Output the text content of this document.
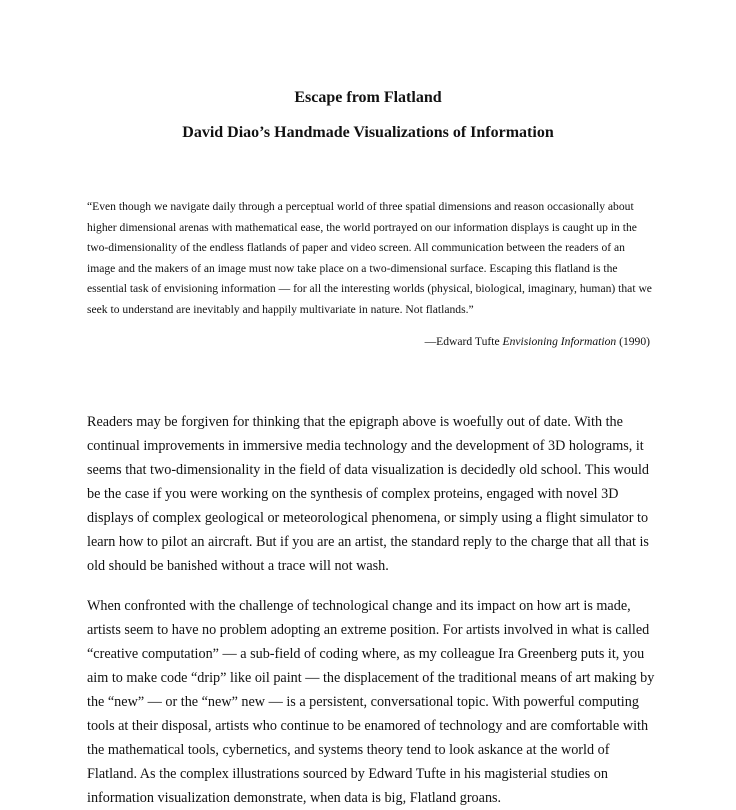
Escape from Flatland
David Diao’s Handmade Visualizations of Information
“Even though we navigate daily through a perceptual world of three spatial dimensions and reason occasionally about higher dimensional arenas with mathematical ease, the world portrayed on our information displays is caught up in the two-dimensionality of the endless flatlands of paper and video screen. All communication between the readers of an image and the makers of an image must now take place on a two-dimensional surface. Escaping this flatland is the essential task of envisioning information — for all the interesting worlds (physical, biological, imaginary, human) that we seek to understand are inevitably and happily multivariate in nature. Not flatlands.”
—Edward Tufte Envisioning Information (1990)
Readers may be forgiven for thinking that the epigraph above is woefully out of date. With the continual improvements in immersive media technology and the development of 3D holograms, it seems that two-dimensionality in the field of data visualization is decidedly old school. This would be the case if you were working on the synthesis of complex proteins, engaged with novel 3D displays of complex geological or meteorological phenomena, or simply using a flight simulator to learn how to pilot an aircraft. But if you are an artist, the standard reply to the charge that all that is old should be banished without a trace will not wash.
When confronted with the challenge of technological change and its impact on how art is made, artists seem to have no problem adopting an extreme position. For artists involved in what is called “creative computation” — a sub-field of coding where, as my colleague Ira Greenberg puts it, you aim to make code “drip” like oil paint — the displacement of the traditional means of art making by the “new” — or the “new” new — is a persistent, conversational topic. With powerful computing tools at their disposal, artists who continue to be enamored of technology and are comfortable with the mathematical tools, cybernetics, and systems theory tend to look askance at the world of Flatland. As the complex illustrations sourced by Edward Tufte in his magisterial studies on information visualization demonstrate, when data is big, Flatland groans.
